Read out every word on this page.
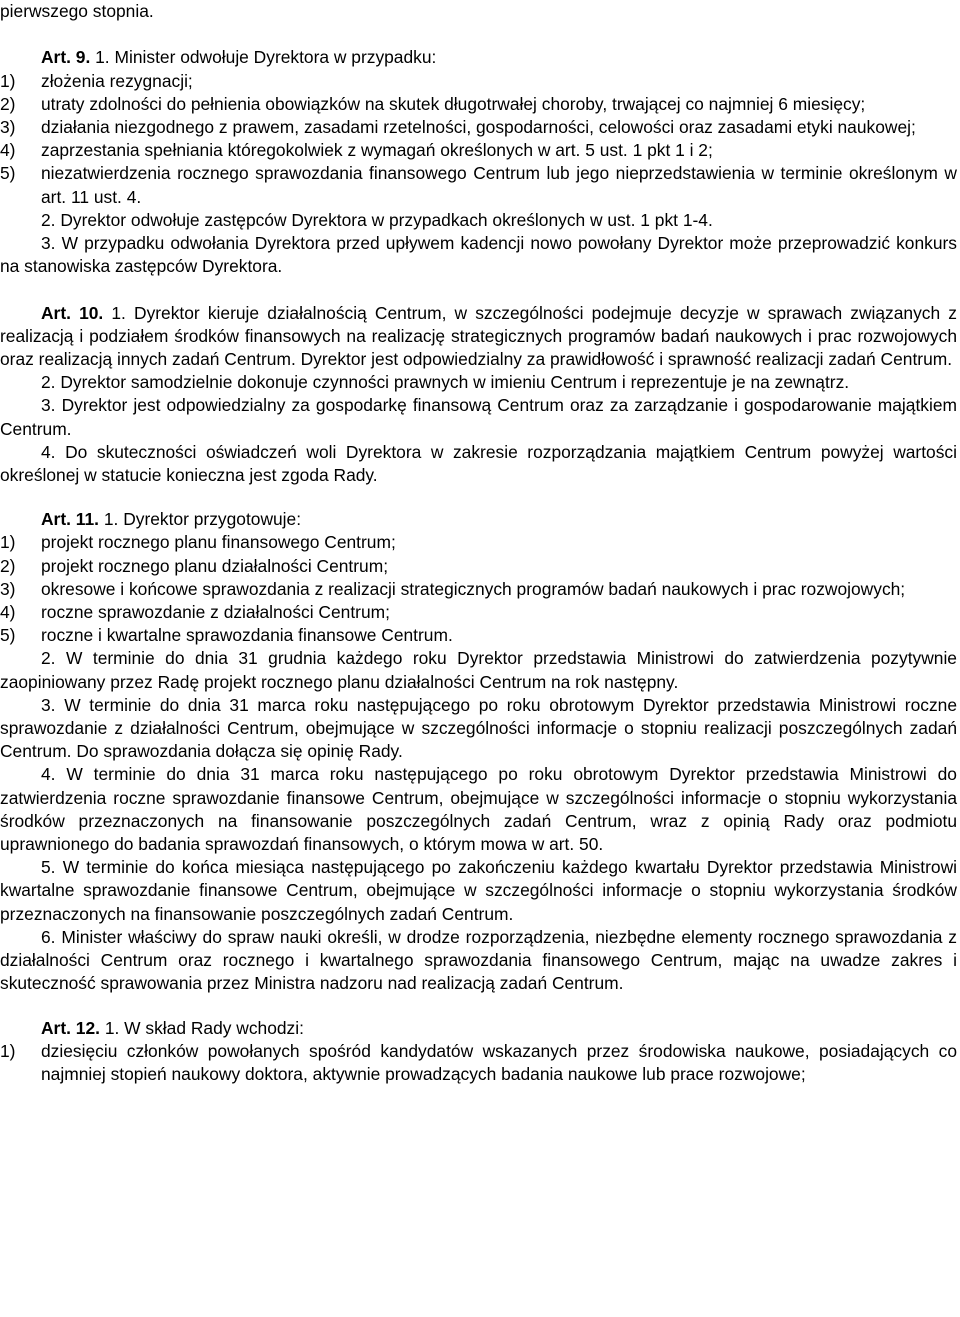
pierwszego stopnia.

Art. 9. 1. Minister odwołuje Dyrektora w przypadku:

1)	złożenia rezygnacji;
2)	utraty zdolności do pełnienia obowiązków na skutek długotrwałej choroby, trwającej co najmniej 6 miesięcy;
3)	działania niezgodnego z prawem, zasadami rzetelności, gospodarności, celowości oraz zasadami etyki naukowej;
4)	zaprzestania spełniania któregokolwiek z wymagań określonych w art. 5 ust. 1 pkt 1 i 2;
5)	niezatwierdzenia rocznego sprawozdania finansowego Centrum lub jego nieprzedstawienia w terminie określonym w art. 11 ust. 4.

2. Dyrektor odwołuje zastępców Dyrektora w przypadkach określonych w ust. 1 pkt 1-4.

3. W przypadku odwołania Dyrektora przed upływem kadencji nowo powołany Dyrektor może przeprowadzić konkurs na stanowiska zastępców Dyrektora.

Art. 10. 1. Dyrektor kieruje działalnością Centrum, w szczególności podejmuje decyzje w sprawach związanych z realizacją i podziałem środków finansowych na realizację strategicznych programów badań naukowych i prac rozwojowych oraz realizacją innych zadań Centrum. Dyrektor jest odpowiedzialny za prawidłowość i sprawność realizacji zadań Centrum.

2. Dyrektor samodzielnie dokonuje czynności prawnych w imieniu Centrum i reprezentuje je na zewnątrz.

3. Dyrektor jest odpowiedzialny za gospodarkę finansową Centrum oraz za zarządzanie i gospodarowanie majątkiem Centrum.

4. Do skuteczności oświadczeń woli Dyrektora w zakresie rozporządzania majątkiem Centrum powyżej wartości określonej w statucie konieczna jest zgoda Rady.

Art. 11. 1. Dyrektor przygotowuje:

1)	projekt rocznego planu finansowego Centrum;
2)	projekt rocznego planu działalności Centrum;
3)	okresowe i końcowe sprawozdania z realizacji strategicznych programów badań naukowych i prac rozwojowych;
4)	roczne sprawozdanie z działalności Centrum;
5)	roczne i kwartalne sprawozdania finansowe Centrum.

2. W terminie do dnia 31 grudnia każdego roku Dyrektor przedstawia Ministrowi do zatwierdzenia pozytywnie zaopiniowany przez Radę projekt rocznego planu działalności Centrum na rok następny.

3. W terminie do dnia 31 marca roku następującego po roku obrotowym Dyrektor przedstawia Ministrowi roczne sprawozdanie z działalności Centrum, obejmujące w szczególności informacje o stopniu realizacji poszczególnych zadań Centrum. Do sprawozdania dołącza się opinię Rady.

4. W terminie do dnia 31 marca roku następującego po roku obrotowym Dyrektor przedstawia Ministrowi do zatwierdzenia roczne sprawozdanie finansowe Centrum, obejmujące w szczególności informacje o stopniu wykorzystania środków przeznaczonych na finansowanie poszczególnych zadań Centrum, wraz z opinią Rady oraz podmiotu uprawnionego do badania sprawozdań finansowych, o którym mowa w art. 50.

5. W terminie do końca miesiąca następującego po zakończeniu każdego kwartału Dyrektor przedstawia Ministrowi kwartalne sprawozdanie finansowe Centrum, obejmujące w szczególności informacje o stopniu wykorzystania środków przeznaczonych na finansowanie poszczególnych zadań Centrum.

6. Minister właściwy do spraw nauki określi, w drodze rozporządzenia, niezbędne elementy rocznego sprawozdania z działalności Centrum oraz rocznego i kwartalnego sprawozdania finansowego Centrum, mając na uwadze zakres i skuteczność sprawowania przez Ministra nadzoru nad realizacją zadań Centrum.

Art. 12. 1. W skład Rady wchodzi:

1)	dziesięciu członków powołanych spośród kandydatów wskazanych przez środowiska naukowe, posiadających co najmniej stopień naukowy doktora, aktywnie prowadzących badania naukowe lub prace rozwojowe;
